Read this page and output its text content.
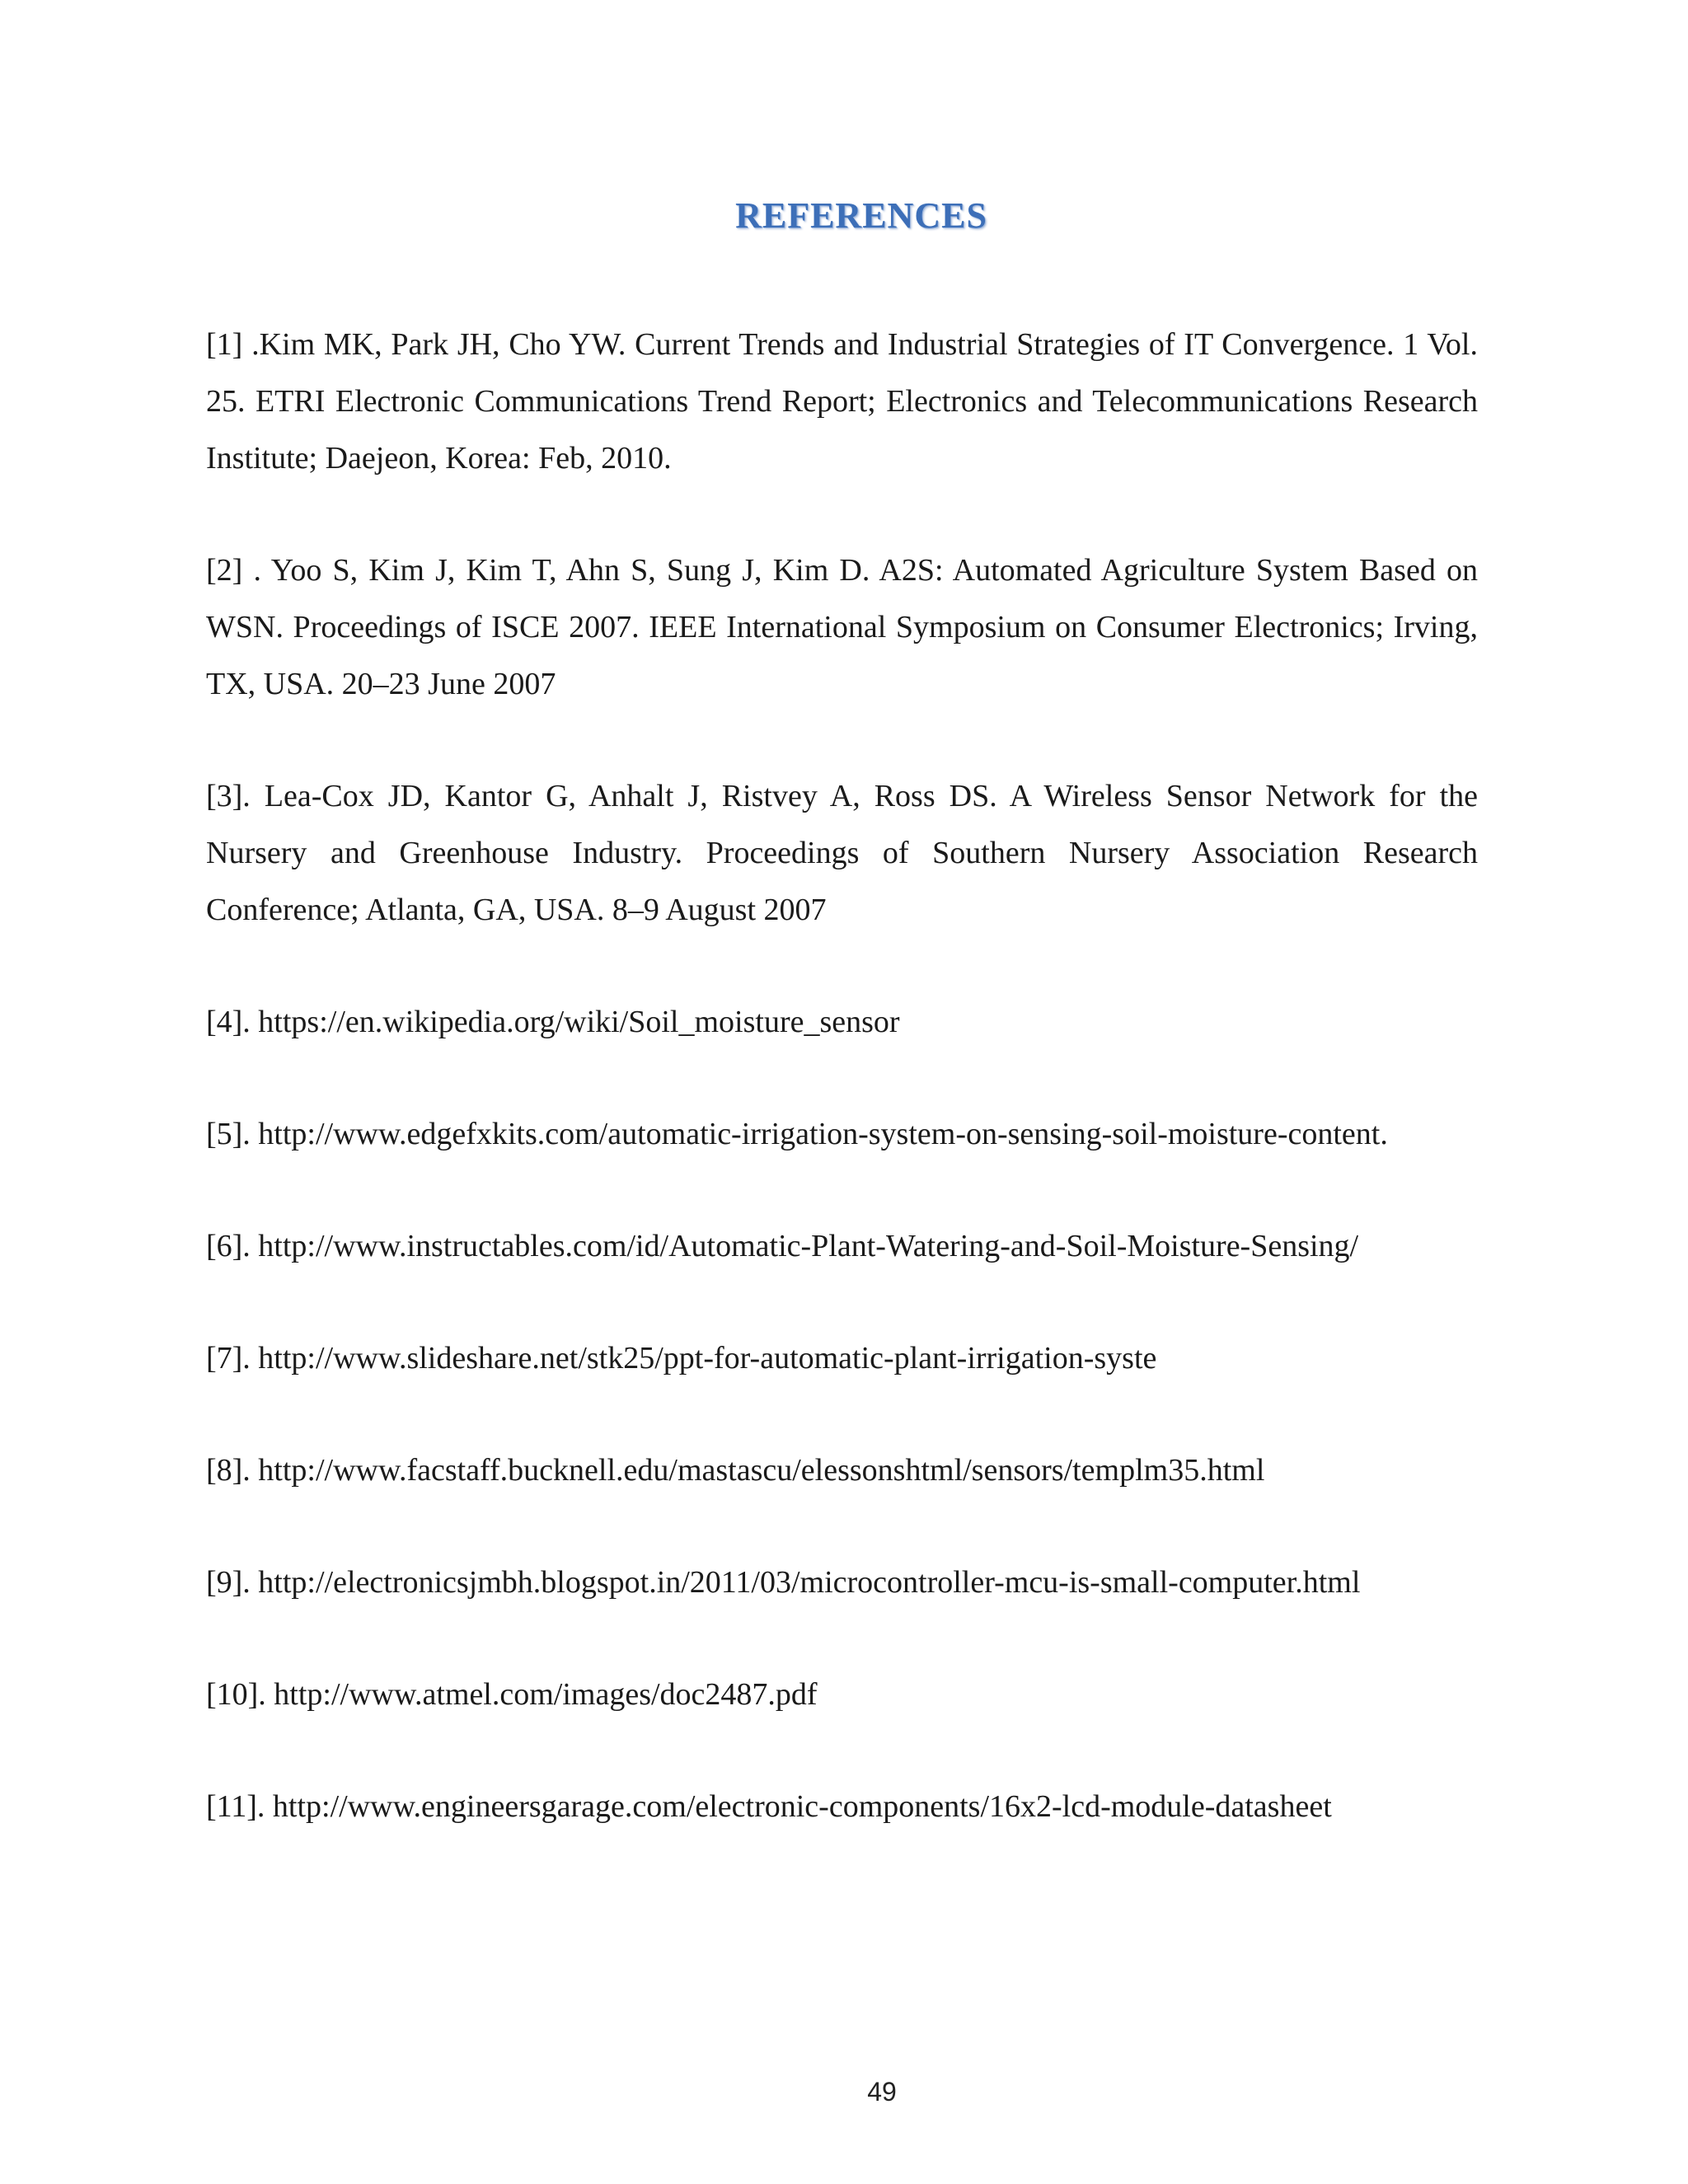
REFERENCES
[1] .Kim MK, Park JH, Cho YW. Current Trends and Industrial Strategies of IT Convergence. 1 Vol. 25. ETRI Electronic Communications Trend Report; Electronics and Telecommunications Research Institute; Daejeon, Korea: Feb, 2010.
[2] . Yoo S, Kim J, Kim T, Ahn S, Sung J, Kim D. A2S: Automated Agriculture System Based on WSN. Proceedings of ISCE 2007. IEEE International Symposium on Consumer Electronics; Irving, TX, USA. 20–23 June 2007
[3]. Lea-Cox JD, Kantor G, Anhalt J, Ristvey A, Ross DS. A Wireless Sensor Network for the Nursery and Greenhouse Industry. Proceedings of Southern Nursery Association Research Conference; Atlanta, GA, USA. 8–9 August 2007
[4]. https://en.wikipedia.org/wiki/Soil_moisture_sensor
[5]. http://www.edgefxkits.com/automatic-irrigation-system-on-sensing-soil-moisture-content.
[6]. http://www.instructables.com/id/Automatic-Plant-Watering-and-Soil-Moisture-Sensing/
[7]. http://www.slideshare.net/stk25/ppt-for-automatic-plant-irrigation-syste
[8]. http://www.facstaff.bucknell.edu/mastascu/elessonshtml/sensors/templm35.html
[9]. http://electronicsjmbh.blogspot.in/2011/03/microcontroller-mcu-is-small-computer.html
[10]. http://www.atmel.com/images/doc2487.pdf
[11]. http://www.engineersgarage.com/electronic-components/16x2-lcd-module-datasheet
49
